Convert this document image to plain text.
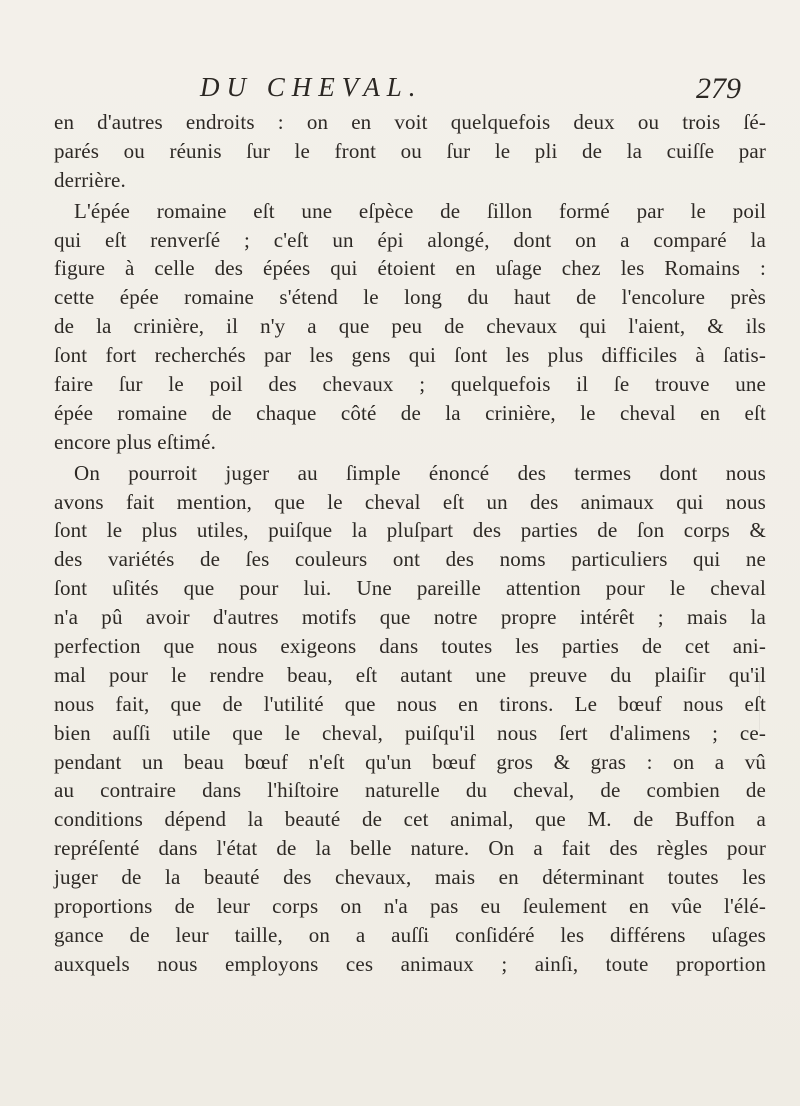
DU CHEVAL.	279
en d'autres endroits : on en voit quelquefois deux ou trois ſé-
parés ou réunis ſur le front ou ſur le pli de la cuiſſe par
derrière.
L'épée romaine eſt une eſpèce de ſillon formé par le poil
qui eſt renverſé ; c'eſt un épi alongé, dont on a comparé la
figure à celle des épées qui étoient en uſage chez les Romains :
cette épée romaine s'étend le long du haut de l'encolure près
de la crinière, il n'y a que peu de chevaux qui l'aient, & ils
ſont fort recherchés par les gens qui ſont les plus difficiles à ſatis-
faire ſur le poil des chevaux ; quelquefois il ſe trouve une
épée romaine de chaque côté de la crinière, le cheval en eſt
encore plus eſtimé.
On pourroit juger au ſimple énoncé des termes dont nous
avons fait mention, que le cheval eſt un des animaux qui nous
ſont le plus utiles, puiſque la pluſpart des parties de ſon corps &
des variétés de ſes couleurs ont des noms particuliers qui ne
ſont uſités que pour lui. Une pareille attention pour le cheval
n'a pû avoir d'autres motifs que notre propre intérêt ; mais la
perfection que nous exigeons dans toutes les parties de cet ani-
mal pour le rendre beau, eſt autant une preuve du plaiſir qu'il
nous fait, que de l'utilité que nous en tirons. Le bœuf nous eſt
bien auſſi utile que le cheval, puiſqu'il nous ſert d'alimens ; ce-
pendant un beau bœuf n'eſt qu'un bœuf gros & gras : on a vû
au contraire dans l'hiſtoire naturelle du cheval, de combien de
conditions dépend la beauté de cet animal, que M. de Buffon a
repréſenté dans l'état de la belle nature. On a fait des règles pour
juger de la beauté des chevaux, mais en déterminant toutes les
proportions de leur corps on n'a pas eu ſeulement en vûe l'élé-
gance de leur taille, on a auſſi conſidéré les différens uſages
auxquels nous employons ces animaux ; ainſi, toute proportion
